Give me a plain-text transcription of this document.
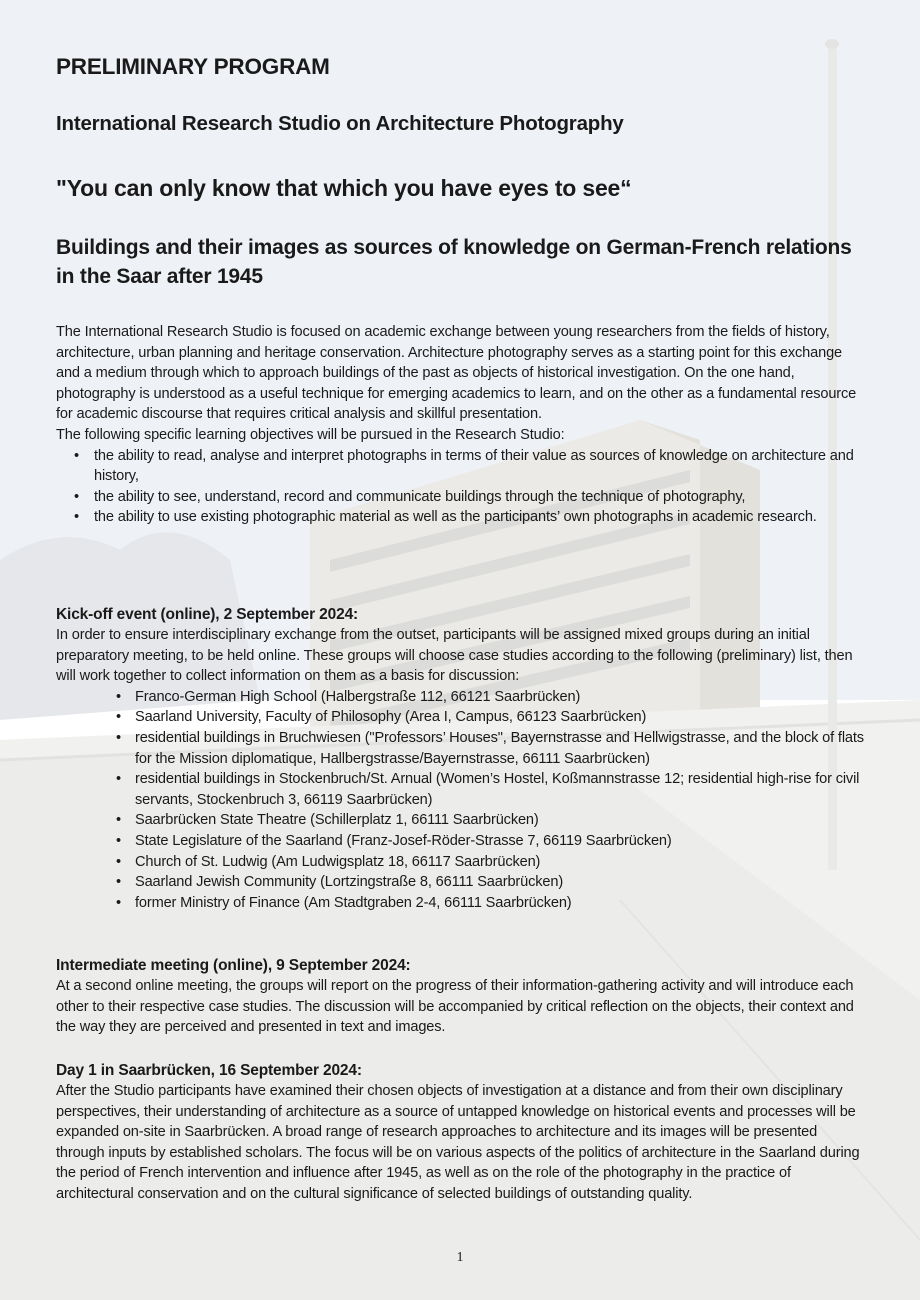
PRELIMINARY PROGRAM
International Research Studio on Architecture Photography
"You can only know that which you have eyes to see“
Buildings and their images as sources of knowledge on German-French relations in the Saar after 1945

The International Research Studio is focused on academic exchange between young researchers from the fields of history, architecture, urban planning and heritage conservation. Architecture photography serves as a starting point for this exchange and a medium through which to approach buildings of the past as objects of historical investigation. On the one hand, photography is understood as a useful technique for emerging academics to learn, and on the other as a fundamental resource for academic discourse that requires critical analysis and skillful presentation.

The following specific learning objectives will be pursued in the Research Studio:

• the ability to read, analyse and interpret photographs in terms of their value as sources of knowledge on architecture and history,
• the ability to see, understand, record and communicate buildings through the technique of photography,
• the ability to use existing photographic material as well as the participants’ own photographs in academic research.
Kick-off event (online), 2 September 2024:

In order to ensure interdisciplinary exchange from the outset, participants will be assigned mixed groups during an initial preparatory meeting, to be held online. These groups will choose case studies according to the following (preliminary) list, then will work together to collect information on them as a basis for discussion:

• Franco-German High School (Halbergstraße 112, 66121 Saarbrücken)
• Saarland University, Faculty of Philosophy (Area I, Campus, 66123 Saarbrücken)
• residential buildings in Bruchwiesen ("Professors’ Houses", Bayernstrasse and Hellwigstrasse, and the block of flats for the Mission diplomatique, Hallbergstrasse/Bayernstrasse, 66111 Saarbrücken)
• residential buildings in Stockenbruch/St. Arnual (Women’s Hostel, Koßmannstrasse 12; residential high-rise for civil servants, Stockenbruch 3, 66119 Saarbrücken)
• Saarbrücken State Theatre (Schillerplatz 1, 66111 Saarbrücken)
• State Legislature of the Saarland (Franz-Josef-Röder-Strasse 7, 66119 Saarbrücken)
• Church of St. Ludwig (Am Ludwigsplatz 18, 66117 Saarbrücken)
• Saarland Jewish Community (Lortzingstraße 8, 66111 Saarbrücken)
• former Ministry of Finance (Am Stadtgraben 2-4, 66111 Saarbrücken)
Intermediate meeting (online), 9 September 2024:

At a second online meeting, the groups will report on the progress of their information-gathering activity and will introduce each other to their respective case studies. The discussion will be accompanied by critical reflection on the objects, their context and the way they are perceived and presented in text and images.

Day 1 in Saarbrücken, 16 September 2024:

After the Studio participants have examined their chosen objects of investigation at a distance and from their own disciplinary perspectives, their understanding of architecture as a source of untapped knowledge on historical events and processes will be expanded on-site in Saarbrücken. A broad range of research approaches to architecture and its images will be presented through inputs by established scholars. The focus will be on various aspects of the politics of architecture in the Saarland during the period of French intervention and influence after 1945, as well as on the role of the photography in the practice of architectural conservation and on the cultural significance of selected buildings of outstanding quality.

1
